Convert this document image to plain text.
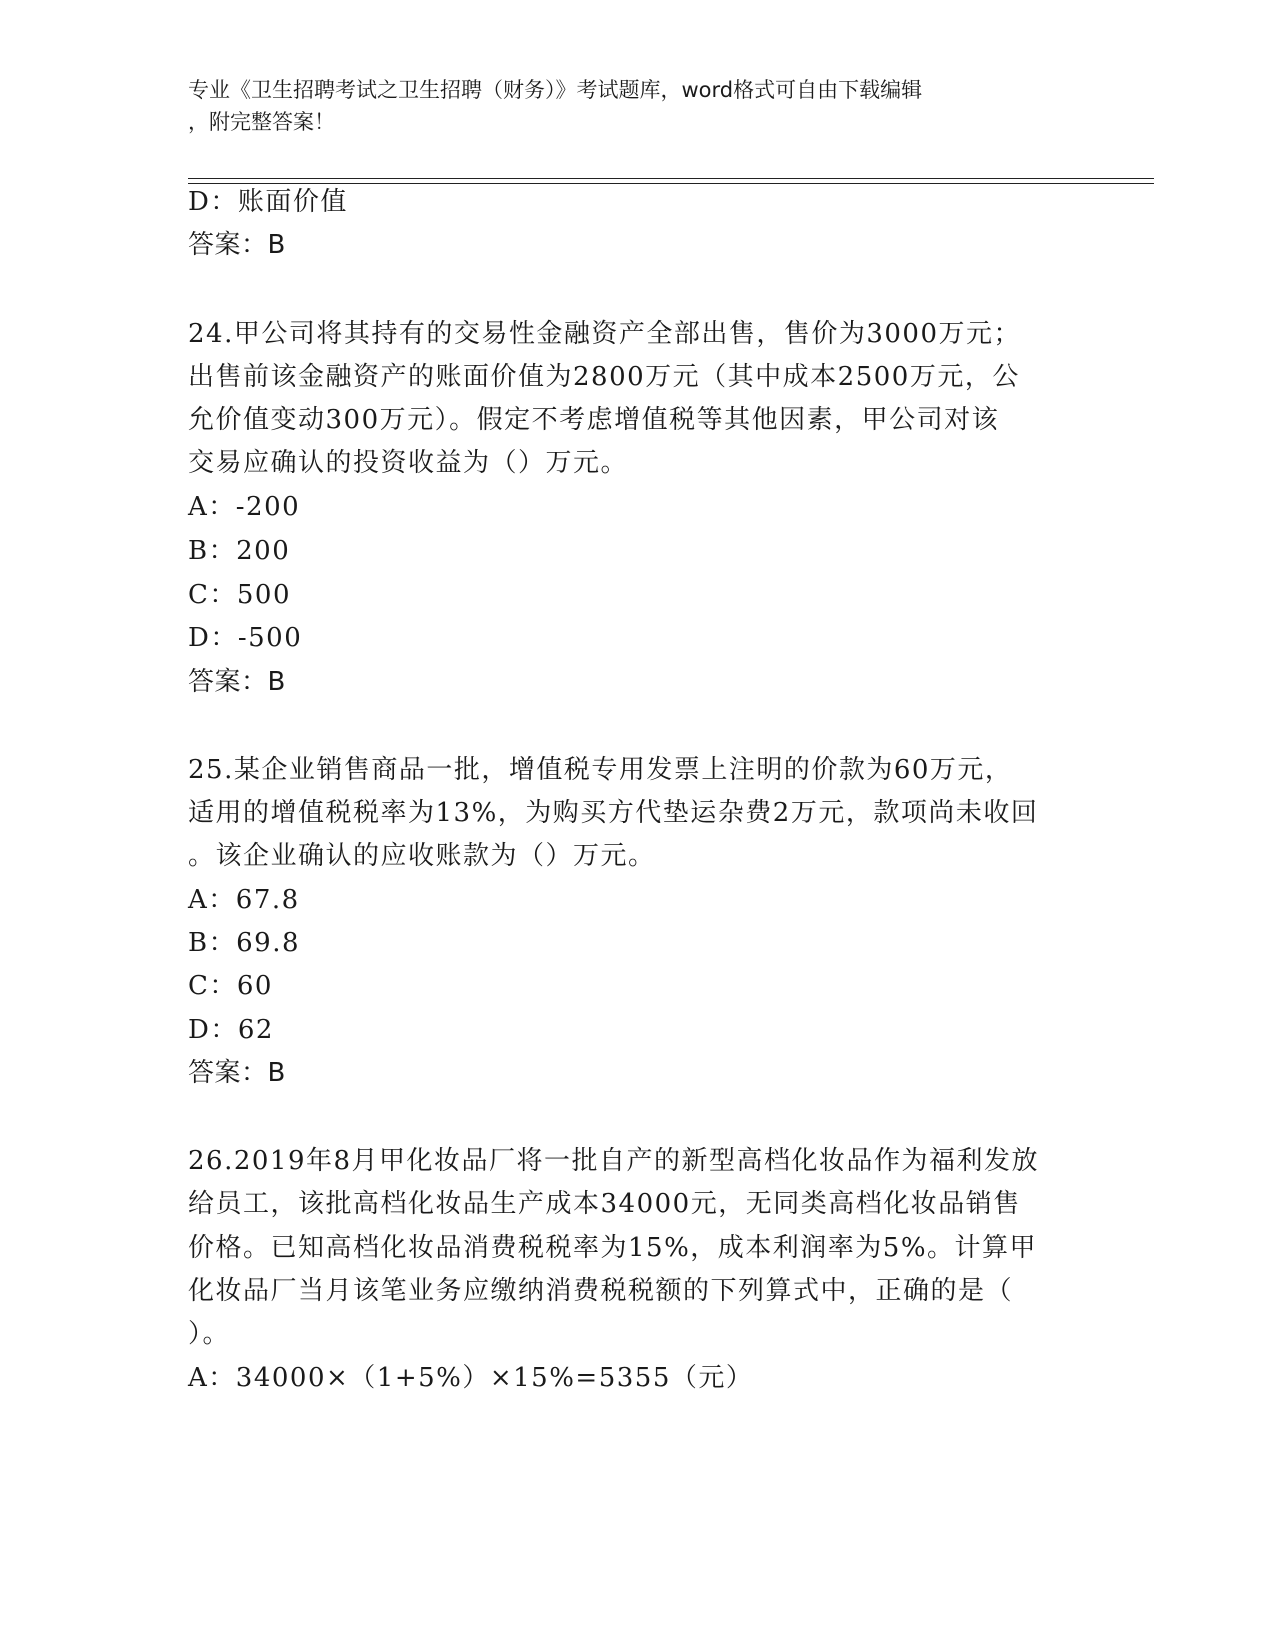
专业《卫生招聘考试之卫生招聘（财务）》考试题库，word格式可自由下载编辑
，附完整答案！
D：账面价值
答案：B
24.甲公司将其持有的交易性金融资产全部出售，售价为3000万元；
出售前该金融资产的账面价值为2800万元（其中成本2500万元，公
允价值变动300万元）。假定不考虑增值税等其他因素，甲公司对该
交易应确认的投资收益为（）万元。
A：-200
B：200
C：500
D：-500
答案：B
25.某企业销售商品一批，增值税专用发票上注明的价款为60万元，
适用的增值税税率为13%，为购买方代垫运杂费2万元，款项尚未收回
。该企业确认的应收账款为（）万元。
A：67.8
B：69.8
C：60
D：62
答案：B
26.2019年8月甲化妆品厂将一批自产的新型高档化妆品作为福利发放
给员工，该批高档化妆品生产成本34000元，无同类高档化妆品销售
价格。已知高档化妆品消费税税率为15%，成本利润率为5%。计算甲
化妆品厂当月该笔业务应缴纳消费税税额的下列算式中，正确的是（
）。
A：34000×（1+5%）×15%=5355（元）
